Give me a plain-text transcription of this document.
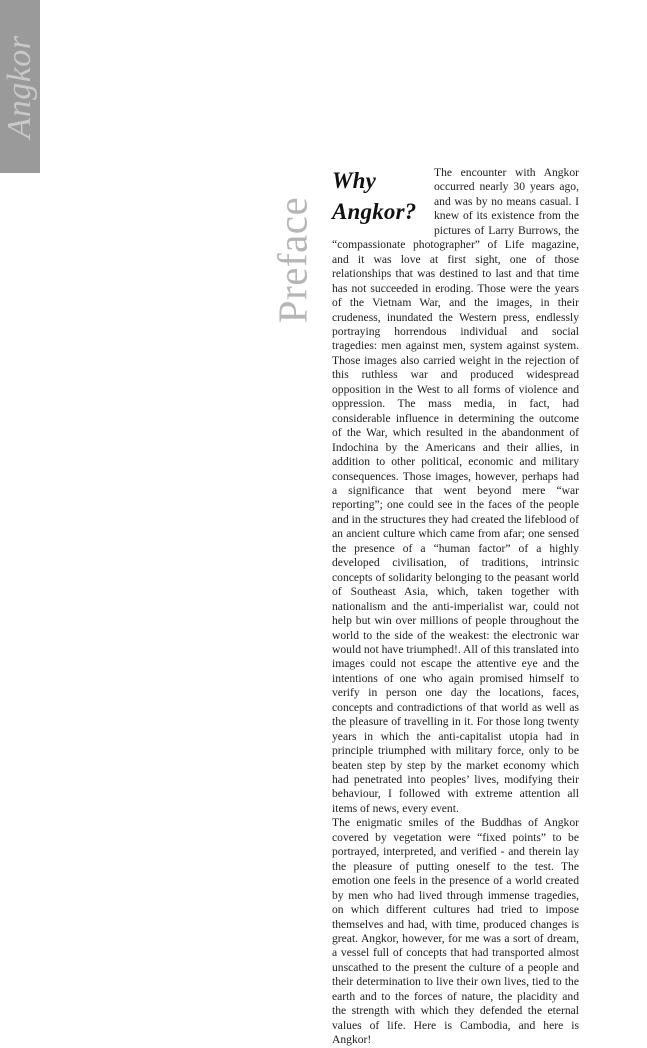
Angkor
Preface
Why
Angkor?

The encounter with Angkor occurred nearly 30 years ago, and was by no means casual. I knew of its existence from the pictures of Larry Burrows, the “compassionate photographer” of Life magazine, and it was love at first sight, one of those relationships that was destined to last and that time has not succeeded in eroding. Those were the years of the Vietnam War, and the images, in their crudeness, inundated the Western press, endlessly portraying horrendous individual and social tragedies: men against men, system against system. Those images also carried weight in the rejection of this ruthless war and produced widespread opposition in the West to all forms of violence and oppression. The mass media, in fact, had considerable influence in determining the outcome of the War, which resulted in the abandonment of Indochina by the Americans and their allies, in addition to other political, economic and military consequences. Those images, however, perhaps had a significance that went beyond mere “war reporting”; one could see in the faces of the people and in the structures they had created the lifeblood of an ancient culture which came from afar; one sensed the presence of a “human factor” of a highly developed civilisation, of traditions, intrinsic concepts of solidarity belonging to the peasant world of Southeast Asia, which, taken together with nationalism and the anti-imperialist war, could not help but win over millions of people throughout the world to the side of the weakest: the electronic war would not have triumphed!. All of this translated into images could not escape the attentive eye and the intentions of one who again promised himself to verify in person one day the locations, faces, concepts and contradictions of that world as well as the pleasure of travelling in it. For those long twenty years in which the anti-capitalist utopia had in principle triumphed with military force, only to be beaten step by step by the market economy which had penetrated into peoples’ lives, modifying their behaviour, I followed with extreme attention all items of news, every event.

The enigmatic smiles of the Buddhas of Angkor covered by vegetation were “fixed points” to be portrayed, interpreted, and verified - and therein lay the pleasure of putting oneself to the test. The emotion one feels in the presence of a world created by men who had lived through immense tragedies, on which different cultures had tried to impose themselves and had, with time, produced changes is great. Angkor, however, for me was a sort of dream, a vessel full of concepts that had transported almost unscathed to the present the culture of a people and their determination to live their own lives, tied to the earth and to the forces of nature, the placidity and the strength with which they defended the eternal values of life. Here is Cambodia, and here is Angkor!
